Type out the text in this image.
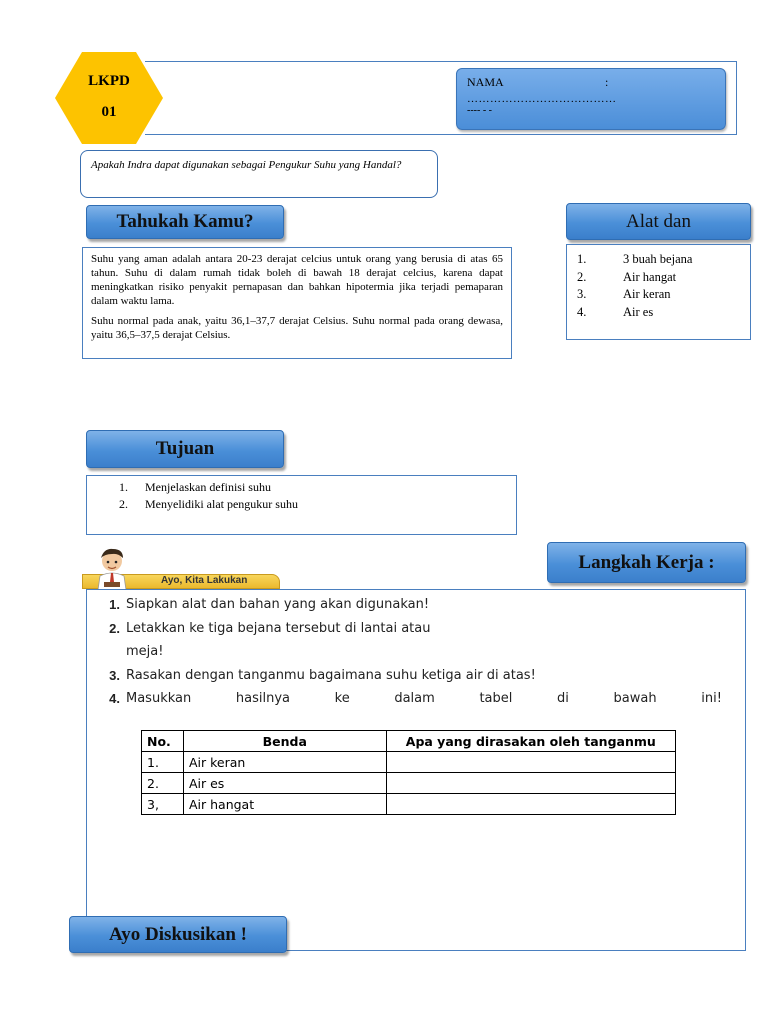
LKPD
01
NAMA	:
…………………………………
---- - -
Apakah Indra dapat digunakan sebagai Pengukur Suhu yang Handal?
Tahukah Kamu?

Suhu yang aman adalah antara 20-23 derajat celcius untuk orang yang berusia di atas 65 tahun. Suhu di dalam rumah tidak boleh di bawah 18 derajat celcius, karena dapat meningkatkan risiko penyakit pernapasan dan bahkan hipotermia jika terjadi pemaparan dalam waktu lama.

Suhu normal pada anak, yaitu 36,1–37,7 derajat Celsius. Suhu normal pada orang dewasa, yaitu 36,5–37,5 derajat Celsius.

Alat dan
1.	3 buah bejana
2.	Air hangat
3.	Air keran
4.	Air es
Tujuan
1.	Menjelaskan definisi suhu
2.	Menyelidiki alat pengukur suhu
Ayo, Kita Lakukan
Langkah Kerja :
1. Siapkan alat dan bahan yang akan digunakan!
2. Letakkan ke tiga bejana tersebut di lantai atau
meja!
3. Rasakan dengan tanganmu bagaimana suhu ketiga air di atas!
4. Masukkan	hasilnya	ke	dalam	tabel	di	bawah	ini!
No.	Benda	Apa yang dirasakan oleh tanganmu
1.	Air keran	
2.	Air es	
3,	Air hangat	
Ayo Diskusikan !
